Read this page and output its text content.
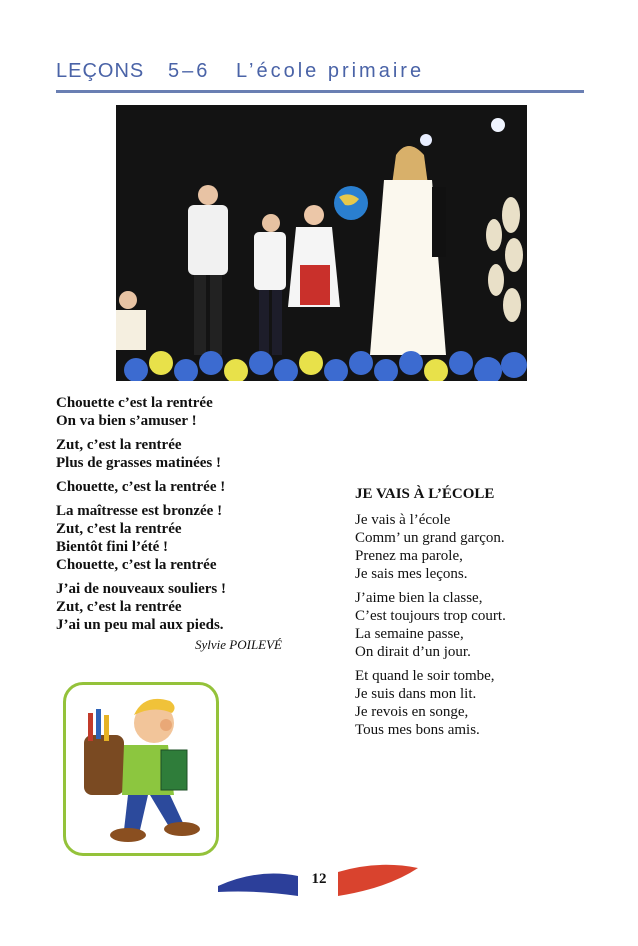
LEÇONS 5–6 L’école primaire
Chouette c’est la rentrée
On va bien s’amuser !
Zut, c’est la rentrée
Plus de grasses matinées !
Chouette, c’est la rentrée !
La maîtresse est bronzée !
Zut, c’est la rentrée
Bientôt fini l’été !
Chouette, c’est la rentrée
J’ai de nouveaux souliers !
Zut, c’est la rentrée
J’ai un peu mal aux pieds.
Sylvie POILEVÉ
JE VAIS À L’ÉCOLE
Je vais à l’école
Comm’ un grand garçon.
Prenez ma parole,
Je sais mes leçons.
J’aime bien la classe,
C’est toujours trop court.
La semaine passe,
On dirait d’un jour.
Et quand le soir tombe,
Je suis dans mon lit.
Je revois en songe,
Tous mes bons amis.
12
